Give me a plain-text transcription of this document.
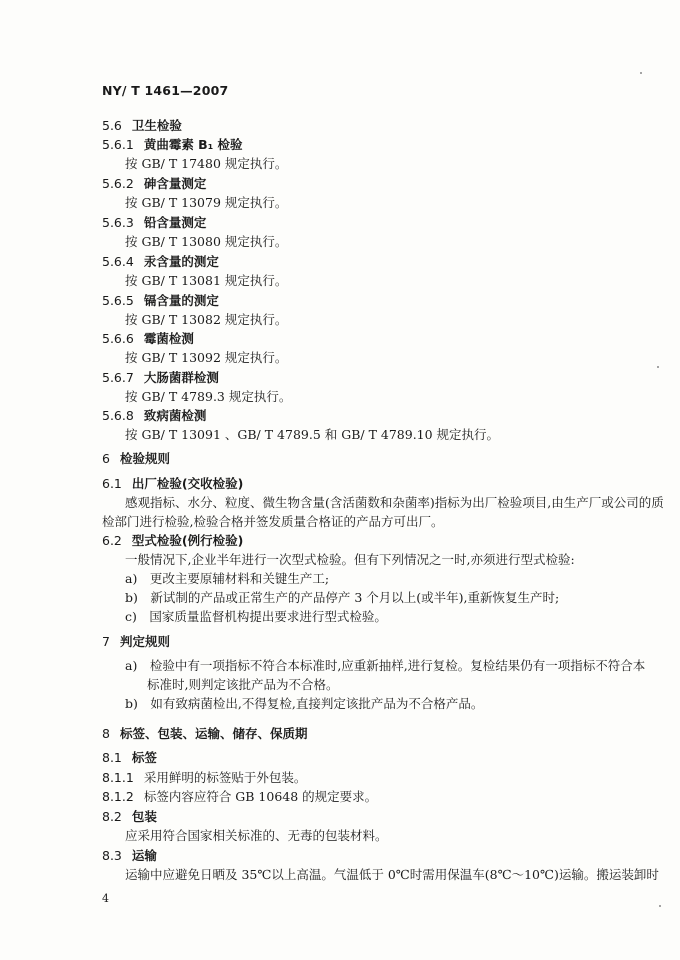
NY/ T 1461—2007
5.6 卫生检验
5.6.1 黄曲霉素 B₁ 检验
按 GB/ T 17480 规定执行。
5.6.2 砷含量测定
按 GB/ T 13079 规定执行。
5.6.3 铅含量测定
按 GB/ T 13080 规定执行。
5.6.4 汞含量的测定
按 GB/ T 13081 规定执行。
5.6.5 镉含量的测定
按 GB/ T 13082 规定执行。
5.6.6 霉菌检测
按 GB/ T 13092 规定执行。
5.6.7 大肠菌群检测
按 GB/ T 4789.3 规定执行。
5.6.8 致病菌检测
按 GB/ T 13091 、GB/ T 4789.5 和 GB/ T 4789.10 规定执行。
6 检验规则
6.1 出厂检验(交收检验)
感观指标、水分、粒度、微生物含量(含活菌数和杂菌率)指标为出厂检验项目,由生产厂或公司的质
检部门进行检验,检验合格并签发质量合格证的产品方可出厂。
6.2 型式检验(例行检验)
一般情况下,企业半年进行一次型式检验。但有下列情况之一时,亦须进行型式检验:
a)　更改主要原辅材料和关键生产工;
b)　新试制的产品或正常生产的产品停产 3 个月以上(或半年),重新恢复生产时;
c)　国家质量监督机构提出要求进行型式检验。
7 判定规则
a)　检验中有一项指标不符合本标准时,应重新抽样,进行复检。复检结果仍有一项指标不符合本
标准时,则判定该批产品为不合格。
b)　如有致病菌检出,不得复检,直接判定该批产品为不合格产品。
8 标签、包装、运输、储存、保质期
8.1 标签
8.1.1 采用鲜明的标签贴于外包装。
8.1.2 标签内容应符合 GB 10648 的规定要求。
8.2 包装
应采用符合国家相关标准的、无毒的包装材料。
8.3 运输
运输中应避免日晒及 35℃以上高温。气温低于 0℃时需用保温车(8℃～10℃)运输。搬运装卸时
4
